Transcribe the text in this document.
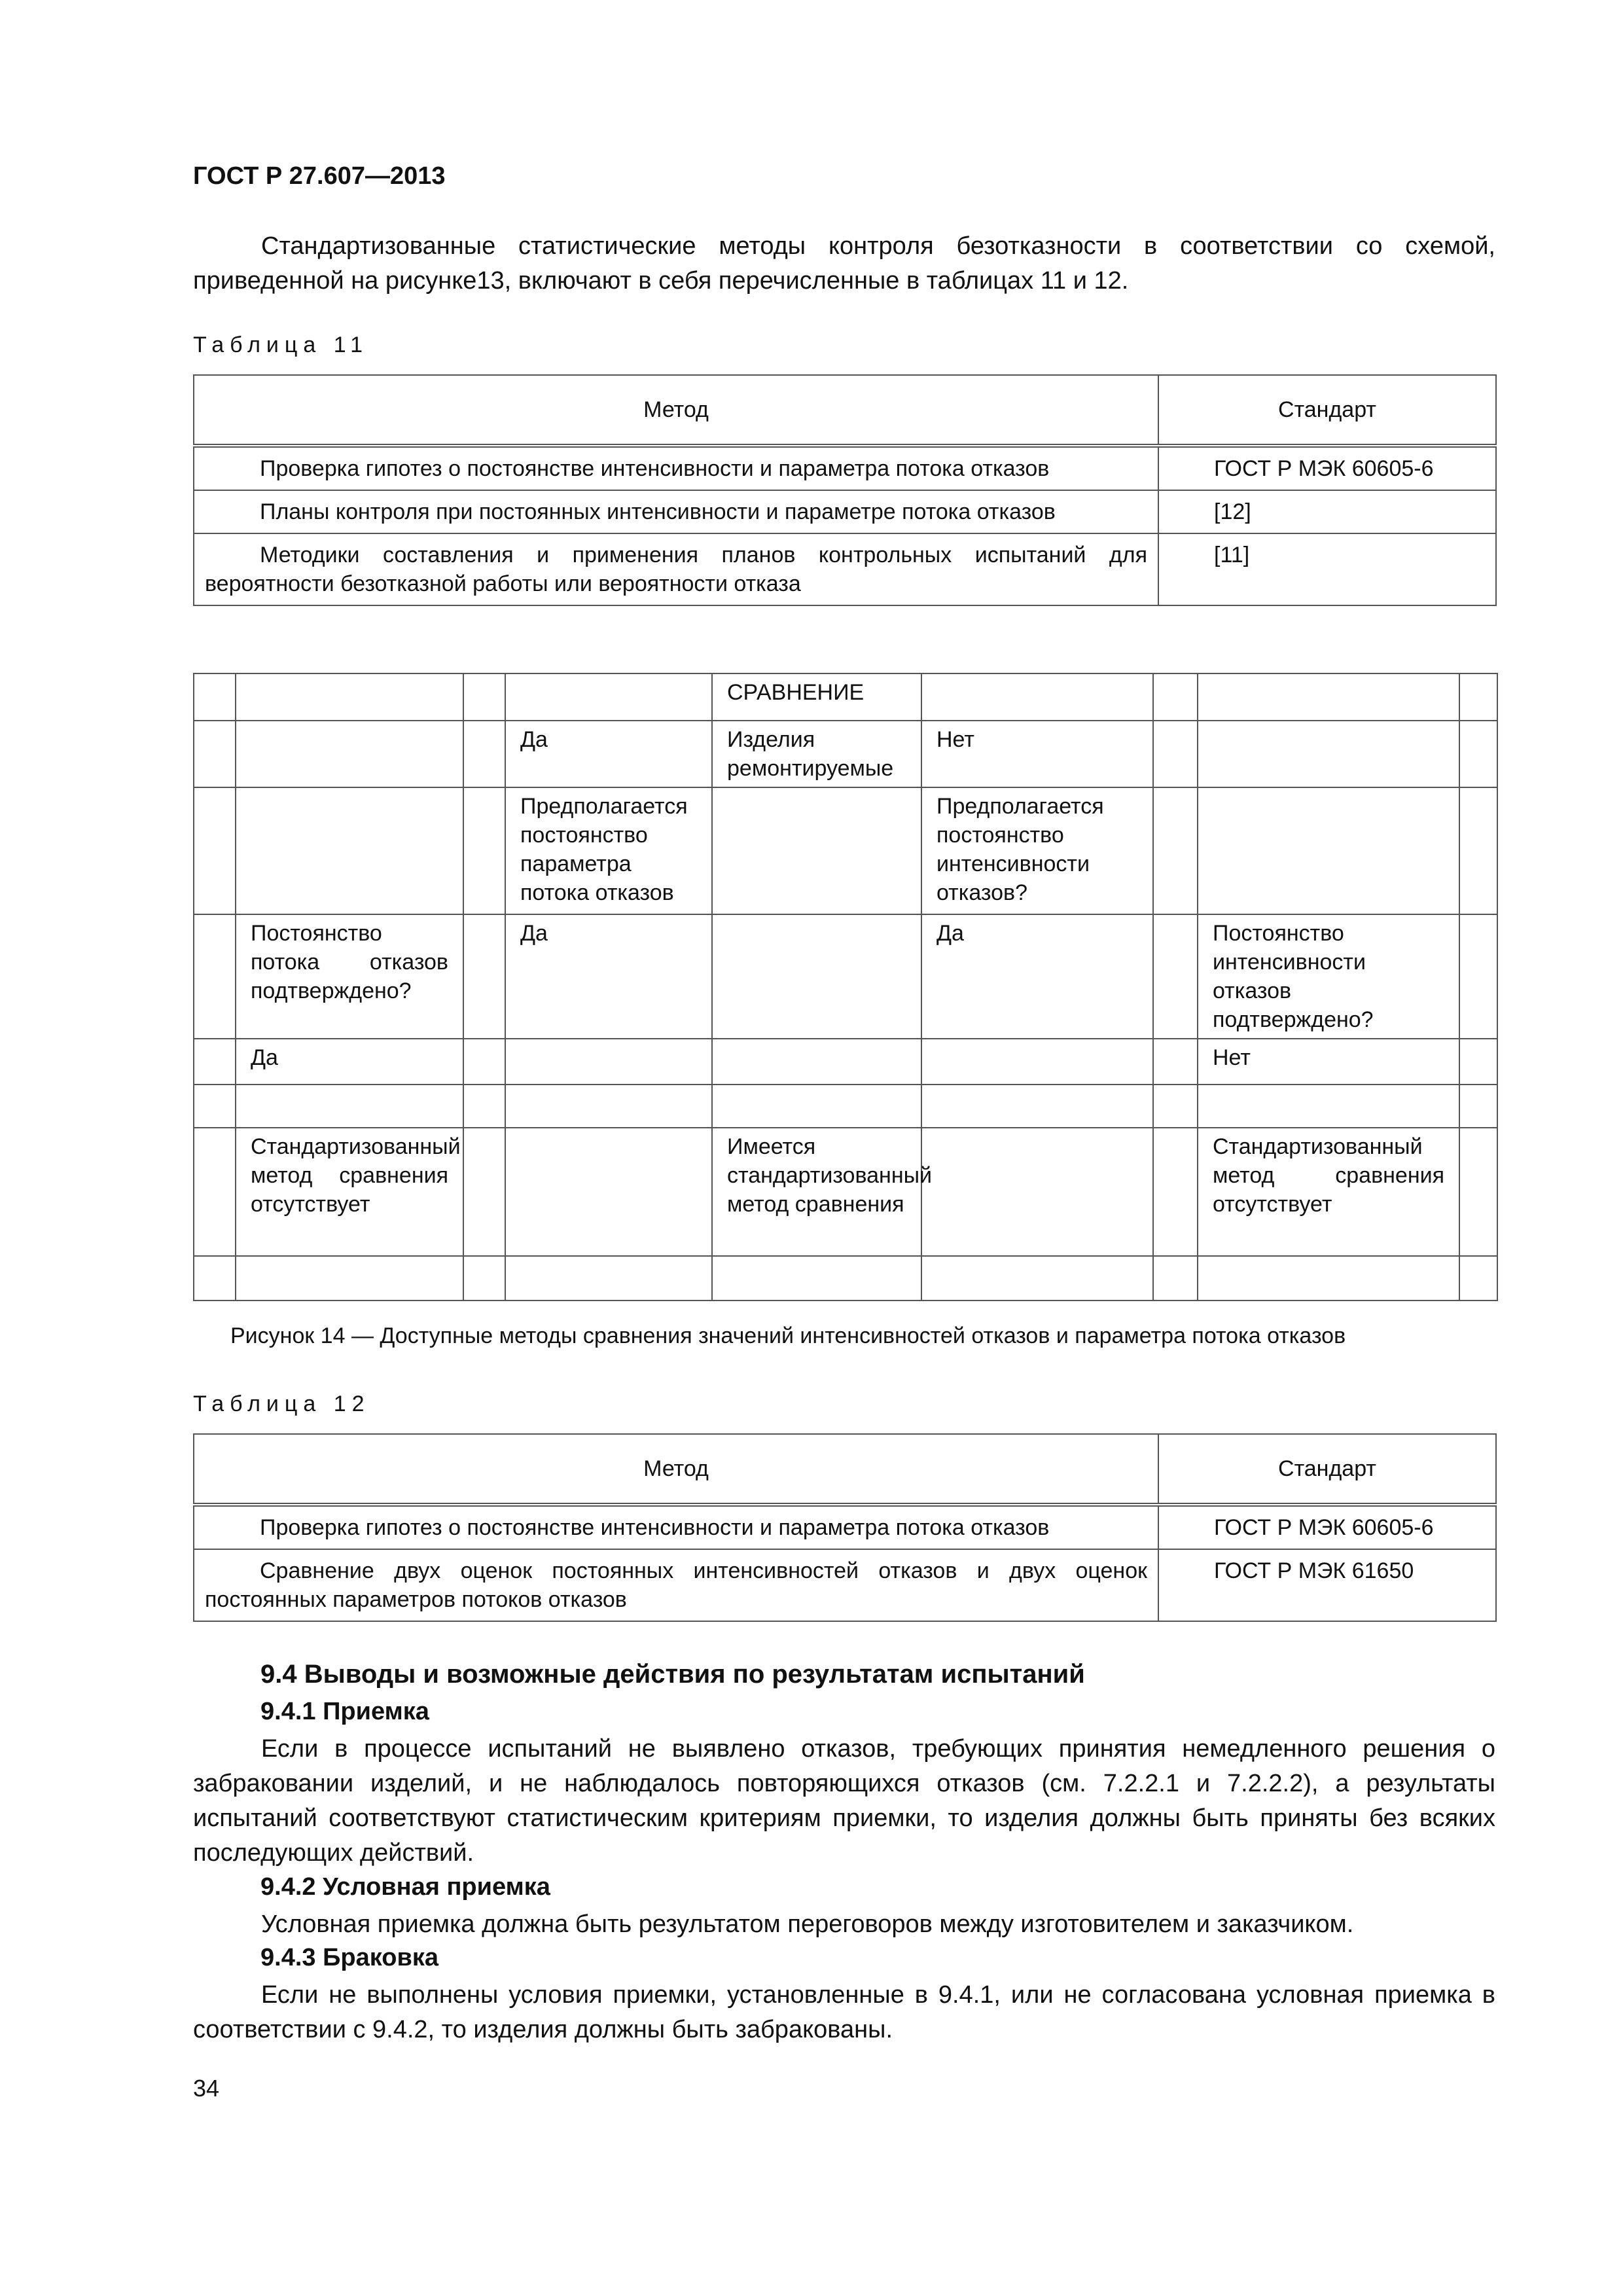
ГОСТ Р 27.607—2013
Стандартизованные статистические методы контроля безотказности в соответствии со схемой, приведенной на рисунке13, включают в себя перечисленные в таблицах 11 и 12.
Таблица 11
Метод	Стандарт
Проверка гипотез о постоянстве интенсивности и параметра потока отказов	ГОСТ Р МЭК 60605-6
Планы контроля при постоянных интенсивности и параметре потока отказов	[12]
Методики составления и применения планов контрольных испытаний для вероятности безотказной работы или вероятности отказа	[11]
				СРАВНЕНИЕ				
			Да	Изделия ремонтируемые	Нет			
			Предполагается постоянство параметра потока отказов		Предполагается постоянство интенсивности отказов?			
	Постоянство потока отказов подтверждено?		Да		Да		Постоянство интенсивности отказов подтверждено?	
	Да						Нет	

	Стандартизованный метод сравнения отсутствует			Имеется стандартизованный метод сравнения			Стандартизованный метод сравнения отсутствует	

Рисунок 14 — Доступные методы сравнения значений интенсивностей отказов и параметра потока отказов
Таблица 12
Метод	Стандарт
Проверка гипотез о постоянстве интенсивности и параметра потока отказов	ГОСТ Р МЭК 60605-6
Сравнение двух оценок постоянных интенсивностей отказов и двух оценок постоянных параметров потоков отказов	ГОСТ Р МЭК 61650
9.4 Выводы и возможные действия по результатам испытаний
9.4.1 Приемка
Если в процессе испытаний не выявлено отказов, требующих принятия немедленного решения о забраковании изделий, и не наблюдалось повторяющихся отказов (см. 7.2.2.1 и 7.2.2.2), а результаты испытаний соответствуют статистическим критериям приемки, то изделия должны быть приняты без всяких последующих действий.
9.4.2 Условная приемка
Условная приемка должна быть результатом переговоров между изготовителем и заказчиком.
9.4.3 Браковка
Если не выполнены условия приемки, установленные в 9.4.1, или не согласована условная приемка в соответствии с 9.4.2, то изделия должны быть забракованы.
34
